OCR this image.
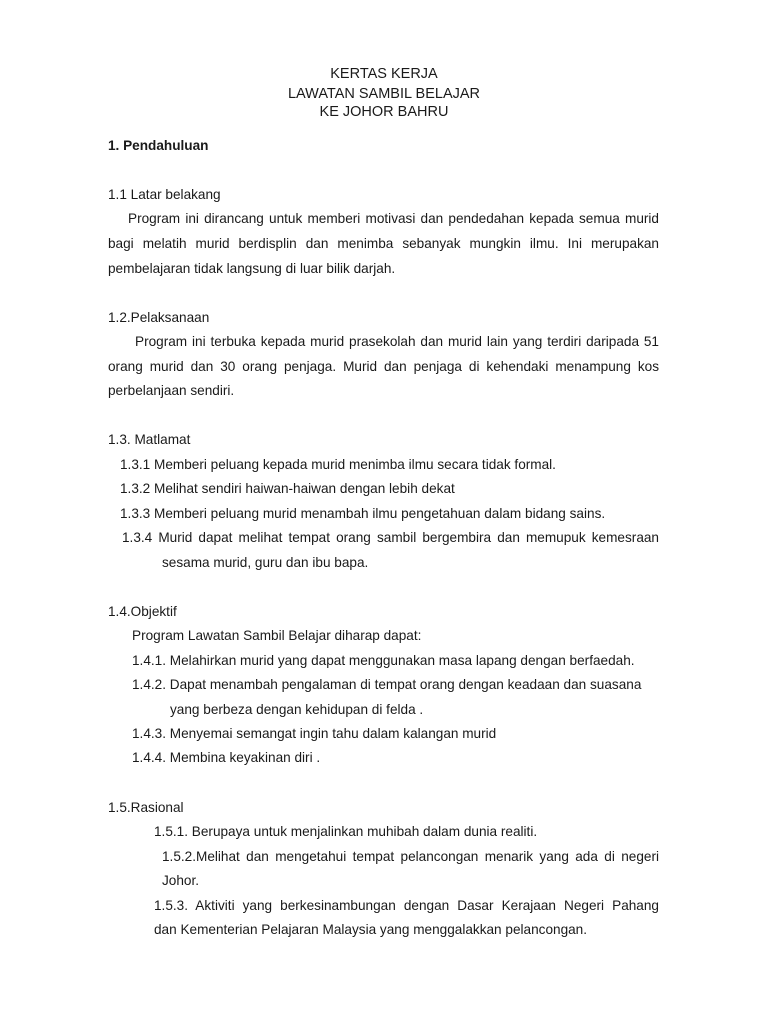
KERTAS KERJA
LAWATAN SAMBIL BELAJAR
KE JOHOR BAHRU
1. Pendahuluan
1.1 Latar belakang
Program ini dirancang untuk memberi motivasi dan pendedahan kepada semua murid
bagi melatih murid berdisplin dan menimba sebanyak mungkin ilmu. Ini merupakan
pembelajaran tidak langsung di luar bilik darjah.
1.2.Pelaksanaan
Program ini terbuka kepada murid prasekolah dan murid lain yang terdiri daripada 51
orang murid dan 30 orang penjaga. Murid dan penjaga di kehendaki menampung kos
perbelanjaan sendiri.
1.3. Matlamat
1.3.1 Memberi peluang kepada murid menimba ilmu secara tidak formal.
1.3.2 Melihat sendiri haiwan-haiwan dengan lebih dekat
1.3.3 Memberi peluang murid menambah ilmu pengetahuan dalam bidang sains.
1.3.4 Murid dapat melihat tempat orang sambil bergembira dan memupuk kemesraan
sesama murid, guru dan ibu bapa.
1.4.Objektif
Program Lawatan Sambil Belajar diharap dapat:
1.4.1. Melahirkan murid yang dapat menggunakan masa lapang dengan berfaedah.
1.4.2. Dapat menambah pengalaman di tempat orang dengan keadaan dan suasana
yang berbeza dengan kehidupan di felda .
1.4.3. Menyemai semangat ingin tahu dalam kalangan murid
1.4.4. Membina keyakinan diri .
1.5.Rasional
1.5.1. Berupaya untuk menjalinkan muhibah dalam dunia realiti.
1.5.2.Melihat dan mengetahui tempat pelancongan menarik yang ada di negeri
Johor.
1.5.3. Aktiviti yang berkesinambungan dengan Dasar Kerajaan Negeri Pahang
dan Kementerian Pelajaran Malaysia yang menggalakkan pelancongan.
